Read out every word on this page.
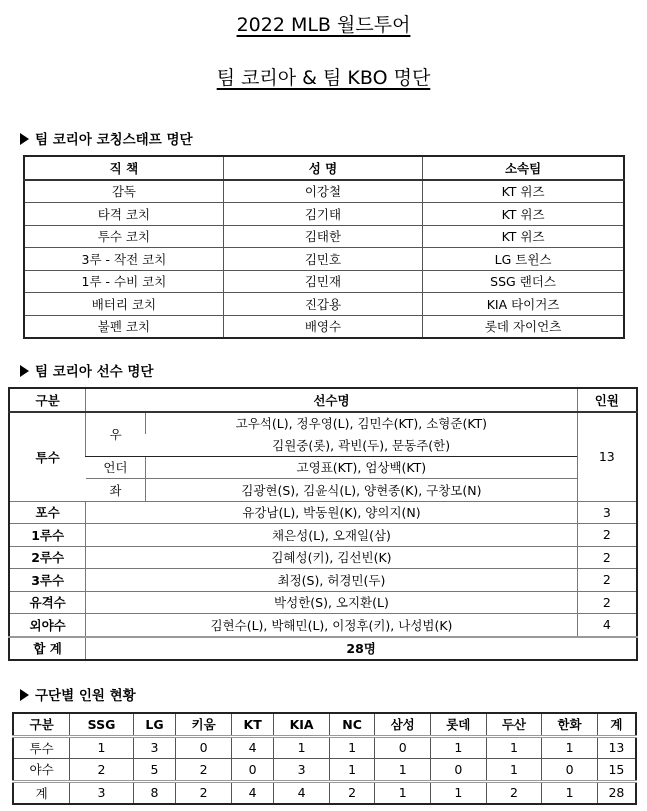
2022 MLB 월드투어
팀 코리아 & 팀 KBO 명단
팀 코리아 코칭스태프 명단
직 책	성 명	소속팀
감독	이강철	KT 위즈
타격 코치	김기태	KT 위즈
투수 코치	김태한	KT 위즈
3루 - 작전 코치	김민호	LG 트윈스
1루 - 수비 코치	김민재	SSG 랜더스
배터리 코치	진갑용	KIA 타이거즈
불펜 코치	배영수	롯데 자이언츠
팀 코리아 선수 명단
구분	선수명		인원
투수	우	고우석(L), 정우영(L), 김민수(KT), 소형준(KT)	13
		김원중(롯), 곽빈(두), 문동주(한)	
	언더	고영표(KT), 엄상백(KT)	
	좌	김광현(S), 김윤식(L), 양현종(K), 구창모(N)	
포수	유강남(L), 박동원(K), 양의지(N)		3
1루수	채은성(L), 오재일(삼)		2
2루수	김혜성(키), 김선빈(K)		2
3루수	최정(S), 허경민(두)		2
유격수	박성한(S), 오지환(L)		2
외야수	김현수(L), 박해민(L), 이정후(키), 나성범(K)		4
합 계	28명		
구단별 인원 현황
구분	SSG	LG	키움	KT	KIA	NC	삼성	롯데	두산	한화	계
투수	1	3	0	4	1	1	0	1	1	1	13
야수	2	5	2	0	3	1	1	0	1	0	15
계	3	8	2	4	4	2	1	1	2	1	28
